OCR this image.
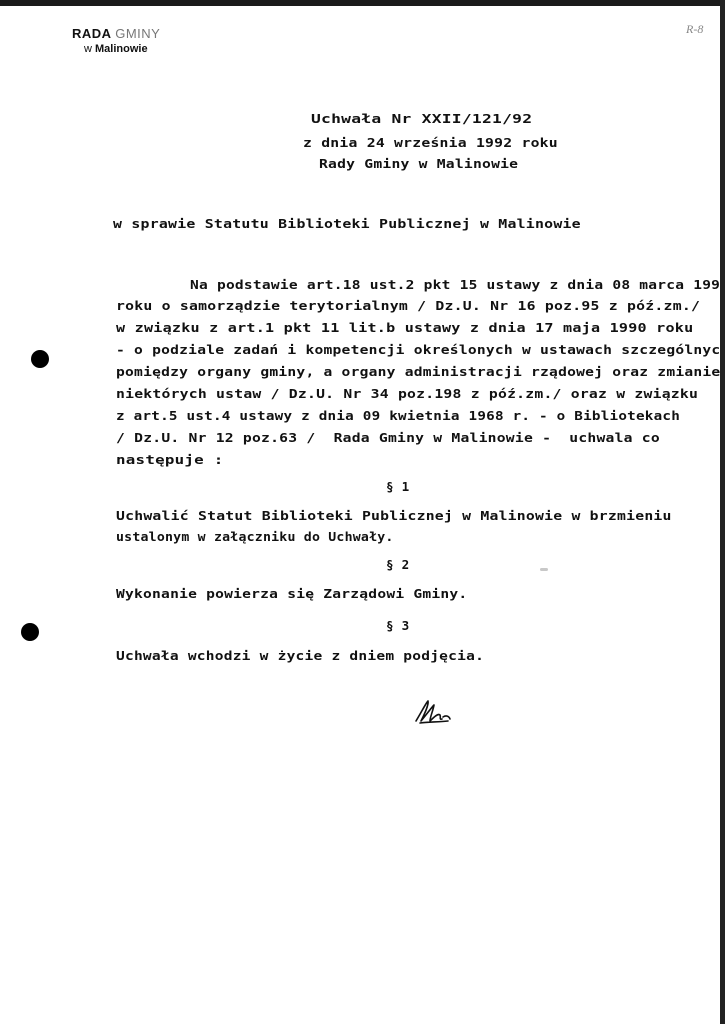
RADA GMINY
w Malinowie
R-8
Uchwała Nr XXII/121/92
z dnia 24 września 1992 roku
Rady Gminy w Malinowie
w sprawie Statutu Biblioteki Publicznej w Malinowie
Na podstawie art.18 ust.2 pkt 15 ustawy z dnia 08 marca 199
roku o samorządzie terytorialnym / Dz.U. Nr 16 poz.95 z póź.zm./
w związku z art.1 pkt 11 lit.b ustawy z dnia 17 maja 1990 roku
- o podziale zadań i kompetencji określonych w ustawach szczególnyc
pomiędzy organy gminy, a organy administracji rządowej oraz zmianie
niektórych ustaw / Dz.U. Nr 34 poz.198 z póź.zm./ oraz w związku
z art.5 ust.4 ustawy z dnia 09 kwietnia 1968 r. - o Bibliotekach
/ Dz.U. Nr 12 poz.63 /  Rada Gminy w Malinowie -  uchwala co
następuje :
§ 1
Uchwalić Statut Biblioteki Publicznej w Malinowie w brzmieniu
ustalonym w załączniku do Uchwały.
§ 2
Wykonanie powierza się Zarządowi Gminy.
§ 3
Uchwała wchodzi w życie z dniem podjęcia.
